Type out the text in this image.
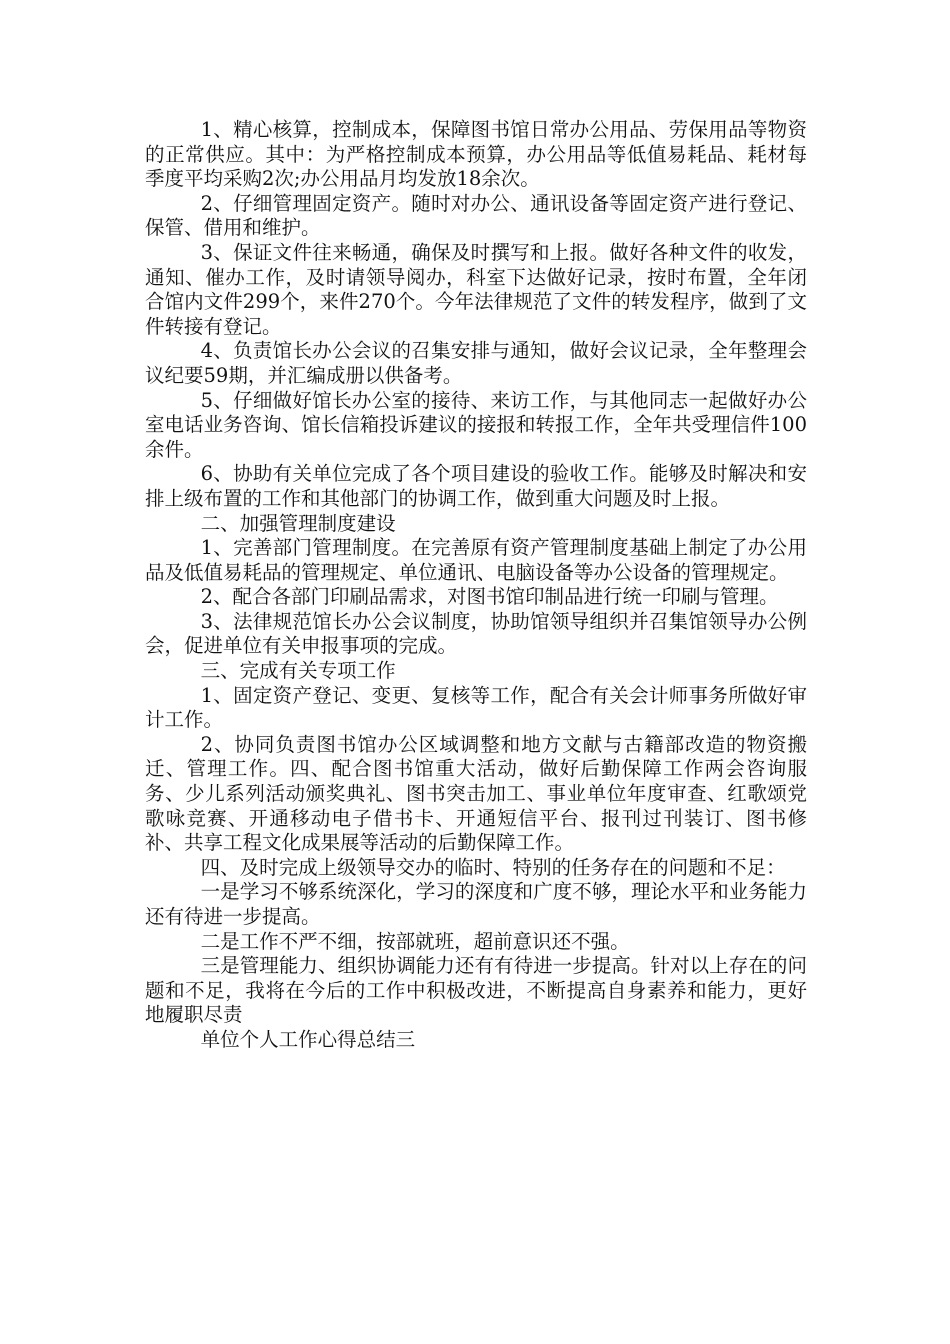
1、精心核算，控制成本，保障图书馆日常办公用品、劳保用品等物资的正常供应。其中：为严格控制成本预算，办公用品等低值易耗品、耗材每季度平均采购2次;办公用品月均发放18余次。

2、仔细管理固定资产。随时对办公、通讯设备等固定资产进行登记、保管、借用和维护。

3、保证文件往来畅通，确保及时撰写和上报。做好各种文件的收发，通知、催办工作，及时请领导阅办，科室下达做好记录，按时布置，全年闭合馆内文件299个，来件270个。今年法律规范了文件的转发程序，做到了文件转接有登记。

4、负责馆长办公会议的召集安排与通知，做好会议记录，全年整理会议纪要59期，并汇编成册以供备考。

5、仔细做好馆长办公室的接待、来访工作，与其他同志一起做好办公室电话业务咨询、馆长信箱投诉建议的接报和转报工作，全年共受理信件100余件。

6、协助有关单位完成了各个项目建设的验收工作。能够及时解决和安排上级布置的工作和其他部门的协调工作，做到重大问题及时上报。

二、加强管理制度建设

1、完善部门管理制度。在完善原有资产管理制度基础上制定了办公用品及低值易耗品的管理规定、单位通讯、电脑设备等办公设备的管理规定。

2、配合各部门印刷品需求，对图书馆印制品进行统一印刷与管理。

3、法律规范馆长办公会议制度，协助馆领导组织并召集馆领导办公例会，促进单位有关申报事项的完成。

三、完成有关专项工作

1、固定资产登记、变更、复核等工作，配合有关会计师事务所做好审计工作。

2、协同负责图书馆办公区域调整和地方文献与古籍部改造的物资搬迁、管理工作。四、配合图书馆重大活动，做好后勤保障工作两会咨询服务、少儿系列活动颁奖典礼、图书突击加工、事业单位年度审查、红歌颂党歌咏竞赛、开通移动电子借书卡、开通短信平台、报刊过刊装订、图书修补、共享工程文化成果展等活动的后勤保障工作。

四、及时完成上级领导交办的临时、特别的任务存在的问题和不足：

一是学习不够系统深化，学习的深度和广度不够，理论水平和业务能力还有待进一步提高。

二是工作不严不细，按部就班，超前意识还不强。

三是管理能力、组织协调能力还有有待进一步提高。针对以上存在的问题和不足，我将在今后的工作中积极改进，不断提高自身素养和能力，更好地履职尽责

单位个人工作心得总结三
